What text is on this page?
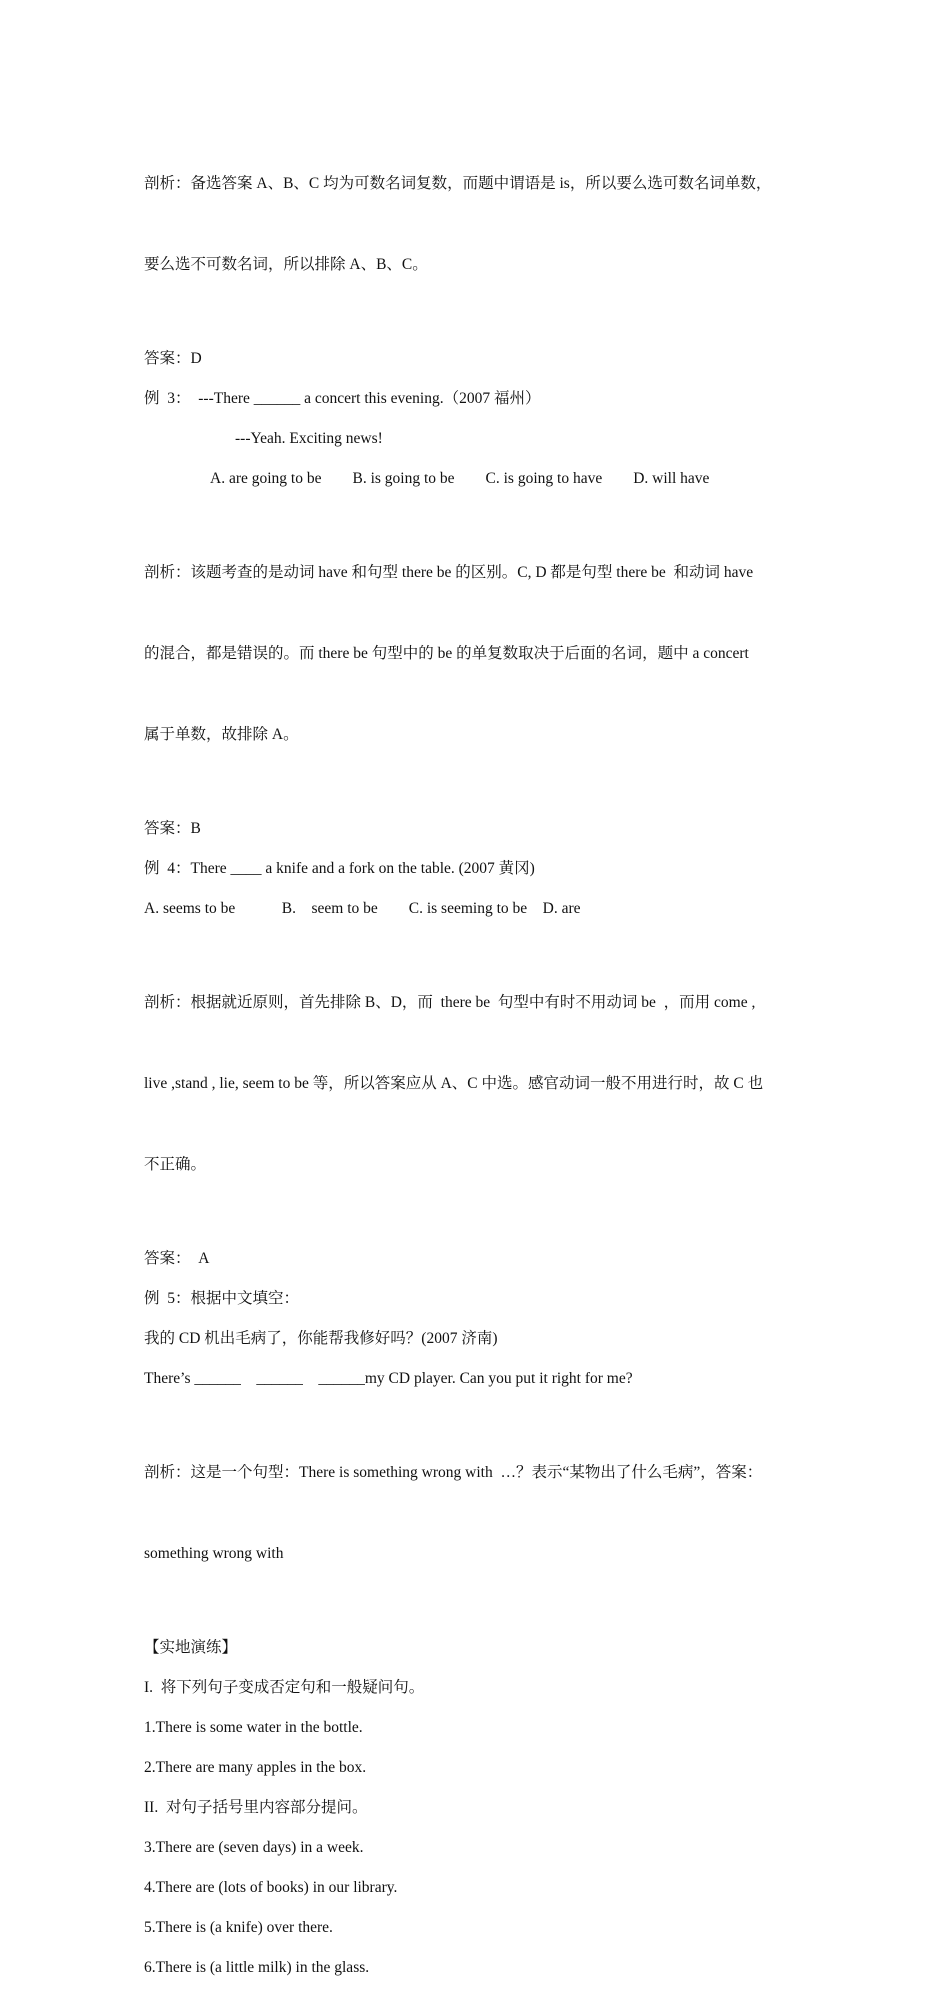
剖析：备选答案 A、B、C 均为可数名词复数，而题中谓语是 is，所以要么选可数名词单数，

要么选不可数名词，所以排除 A、B、C。

答案：D
例  3：  ---There ______ a concert this evening.（2007 福州）
---Yeah. Exciting news!
A. are going to be        B. is going to be        C. is going to have        D. will have

剖析：该题考查的是动词 have 和句型 there be 的区别。C, D 都是句型 there be  和动词 have

的混合，都是错误的。而 there be 句型中的 be 的单复数取决于后面的名词，题中 a concert

属于单数，故排除 A。

答案：B
例  4：There ____ a knife and a fork on the table. (2007 黄冈)
A. seems to be            B.    seem to be        C. is seeming to be    D. are

剖析：根据就近原则，首先排除 B、D，而  there be  句型中有时不用动词 be  ，而用 come ,

live ,stand , lie, seem to be 等，所以答案应从 A、C 中选。感官动词一般不用进行时，故 C 也

不正确。

答案：  A
例  5：根据中文填空：
我的 CD 机出毛病了，你能帮我修好吗？(2007 济南)
There’s ______    ______    ______my CD player. Can you put it right for me?

剖析：这是一个句型：There is something wrong with  …？表示“某物出了什么毛病”，答案：

something wrong with

【实地演练】
I.  将下列句子变成否定句和一般疑问句。
1.There is some water in the bottle.
2.There are many apples in the box.
II.  对句子括号里内容部分提问。
3.There are (seven days) in a week.
4.There are (lots of books) in our library.
5.There is (a knife) over there.
6.There is (a little milk) in the glass.
